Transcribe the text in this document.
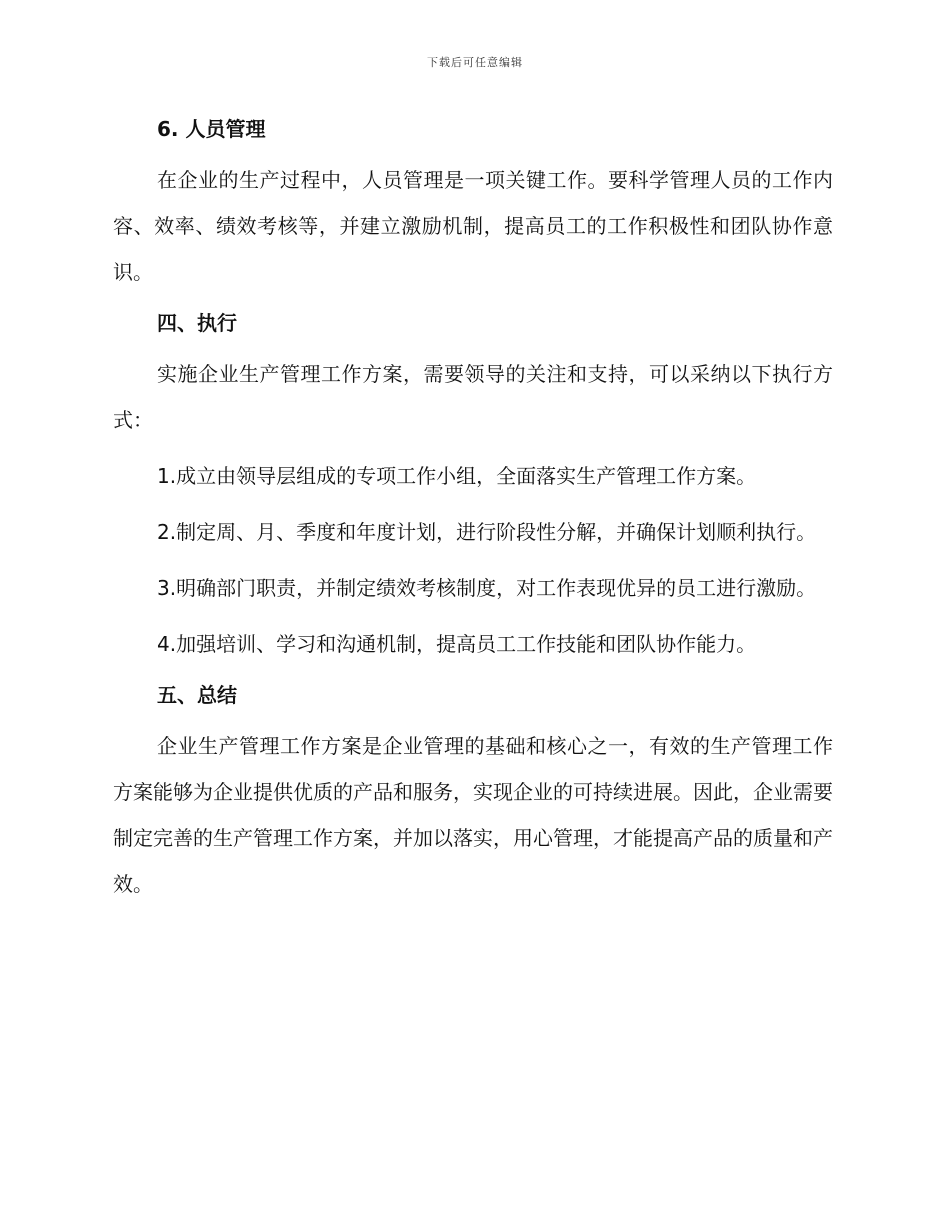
下载后可任意编辑
6. 人员管理

在企业的生产过程中，人员管理是一项关键工作。要科学管理人员的工作内容、效率、绩效考核等，并建立激励机制，提高员工的工作积极性和团队协作意识。

四、执行

实施企业生产管理工作方案，需要领导的关注和支持，可以采纳以下执行方式：

1.成立由领导层组成的专项工作小组，全面落实生产管理工作方案。

2.制定周、月、季度和年度计划，进行阶段性分解，并确保计划顺利执行。

3.明确部门职责，并制定绩效考核制度，对工作表现优异的员工进行激励。

4.加强培训、学习和沟通机制，提高员工工作技能和团队协作能力。

五、总结

企业生产管理工作方案是企业管理的基础和核心之一，有效的生产管理工作方案能够为企业提供优质的产品和服务，实现企业的可持续进展。因此，企业需要制定完善的生产管理工作方案，并加以落实，用心管理，才能提高产品的质量和产效。
